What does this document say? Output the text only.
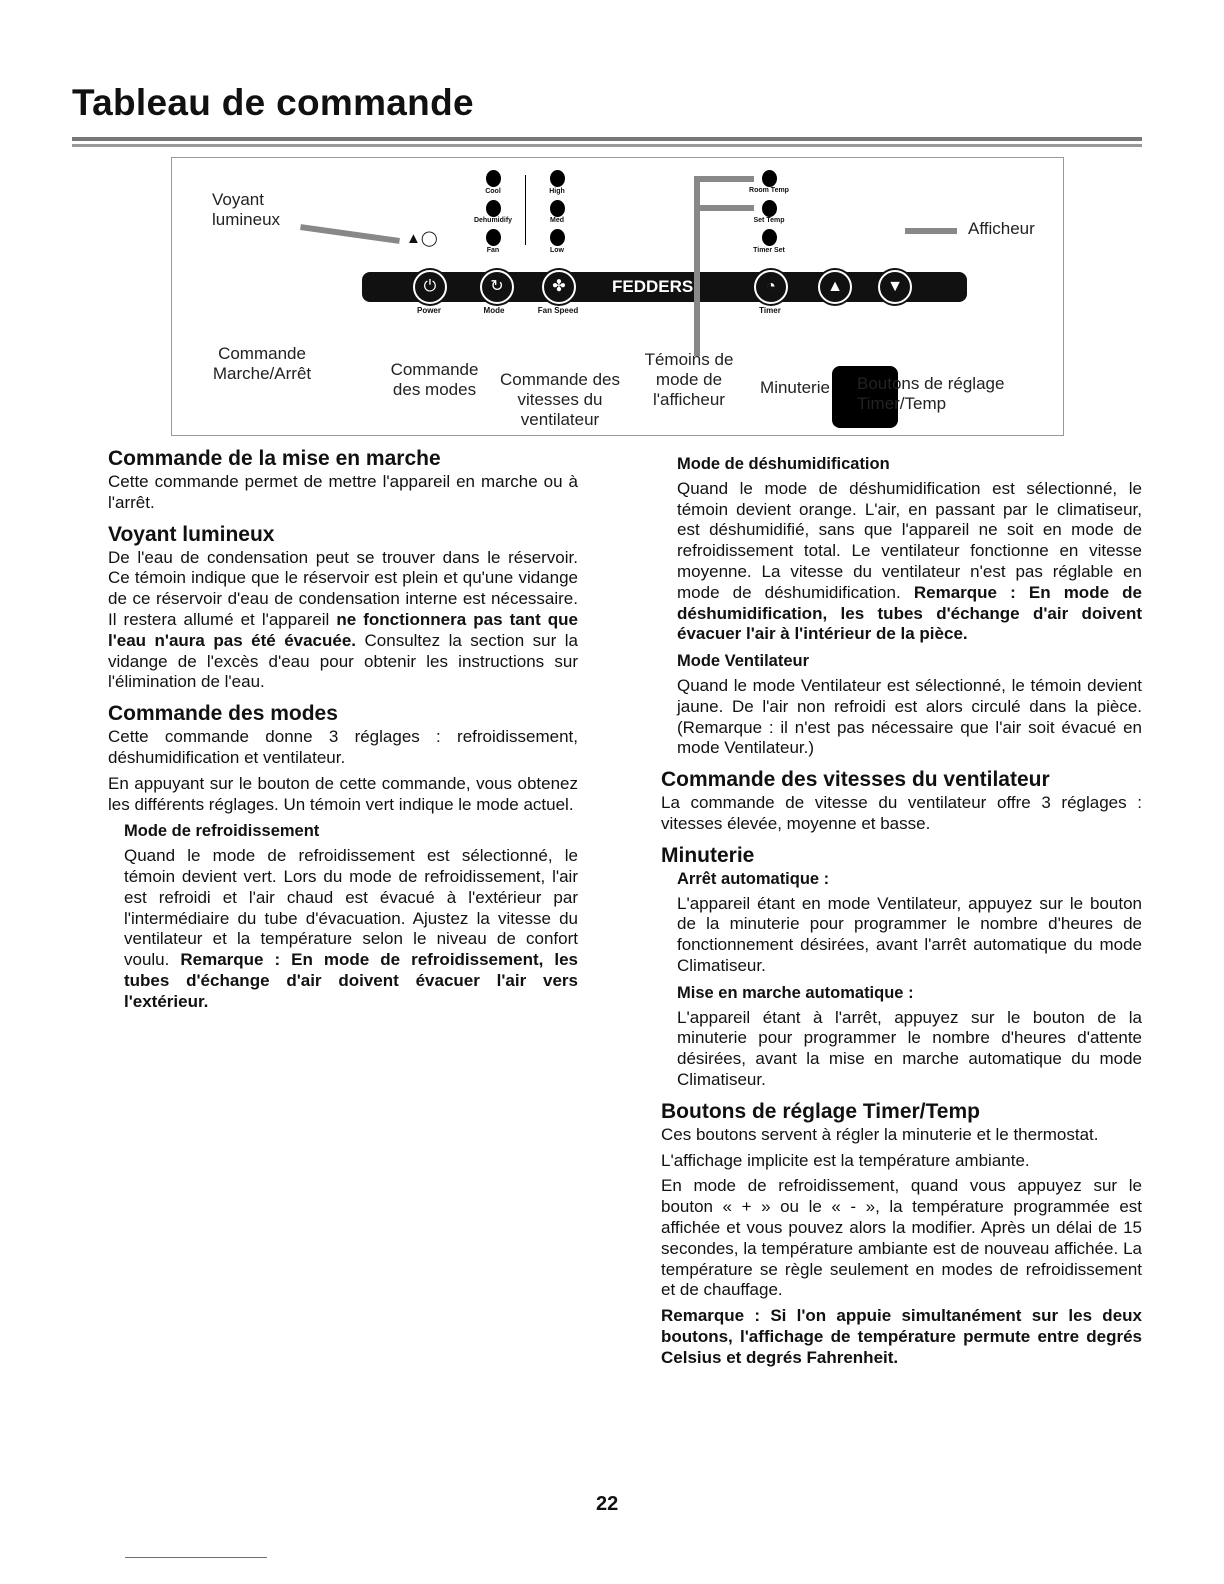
Tableau de commande
Voyant lumineux
▲◯
Cool
Dehumidify
Fan
High
Med
Low
Room Temp
Set Temp
Timer Set
Afficheur
⏻	↻	✤	FEDDERS	◔	▲	▼
Power	Mode	Fan Speed	Timer
Commande Marche/Arrêt	Commande des modes
Commande des vitesses du ventilateur
Témoins de mode de l'afficheur
Minuterie	Boutons de réglage Timer/Temp
Commande de la mise en marche

Cette commande permet de mettre l'appareil en marche ou à l'arrêt.

Voyant lumineux

De l'eau de condensation peut se trouver dans le réservoir. Ce témoin indique que le réservoir est plein et qu'une vidange de ce réservoir d'eau de condensation interne est nécessaire. Il restera allumé et l'appareil ne fonctionnera pas tant que l'eau n'aura pas été évacuée. Consultez la section sur la vidange de l'excès d'eau pour obtenir les instructions sur l'élimination de l'eau.

Commande des modes

Cette commande donne 3 réglages : refroidissement, déshumidification et ventilateur.

En appuyant sur le bouton de cette commande, vous obtenez les différents réglages. Un témoin vert indique le mode actuel.

Mode de refroidissement

Quand le mode de refroidissement est sélectionné, le témoin devient vert. Lors du mode de refroidissement, l'air est refroidi et l'air chaud est évacué à l'extérieur par l'intermédiaire du tube d'évacuation. Ajustez la vitesse du ventilateur et la température selon le niveau de confort voulu. Remarque : En mode de refroidissement, les tubes d'échange d'air doivent évacuer l'air vers l'extérieur.

Mode de déshumidification

Quand le mode de déshumidification est sélectionné, le témoin devient orange. L'air, en passant par le climatiseur, est déshumidifié, sans que l'appareil ne soit en mode de refroidissement total. Le ventilateur fonctionne en vitesse moyenne. La vitesse du ventilateur n'est pas réglable en mode de déshumidification. Remarque : En mode de déshumidification, les tubes d'échange d'air doivent évacuer l'air à l'intérieur de la pièce.

Mode Ventilateur

Quand le mode Ventilateur est sélectionné, le témoin devient jaune. De l'air non refroidi est alors circulé dans la pièce. (Remarque : il n'est pas nécessaire que l'air soit évacué en mode Ventilateur.)

Commande des vitesses du ventilateur

La commande de vitesse du ventilateur offre 3 réglages : vitesses élevée, moyenne et basse.

Minuterie
Arrêt automatique :

L'appareil étant en mode Ventilateur, appuyez sur le bouton de la minuterie pour programmer le nombre d'heures de fonctionnement désirées, avant l'arrêt automatique du mode Climatiseur.

Mise en marche automatique :

L'appareil étant à l'arrêt, appuyez sur le bouton de la minuterie pour programmer le nombre d'heures d'attente désirées, avant la mise en marche automatique du mode Climatiseur.

Boutons de réglage Timer/Temp

Ces boutons servent à régler la minuterie et le thermostat.

L'affichage implicite est la température ambiante.

En mode de refroidissement, quand vous appuyez sur le bouton « + » ou le « - », la température programmée est affichée et vous pouvez alors la modifier. Après un délai de 15 secondes, la température ambiante est de nouveau affichée. La température se règle seulement en modes de refroidissement et de chauffage.

Remarque : Si l'on appuie simultanément sur les deux boutons, l'affichage de température permute entre degrés Celsius et degrés Fahrenheit.

22
